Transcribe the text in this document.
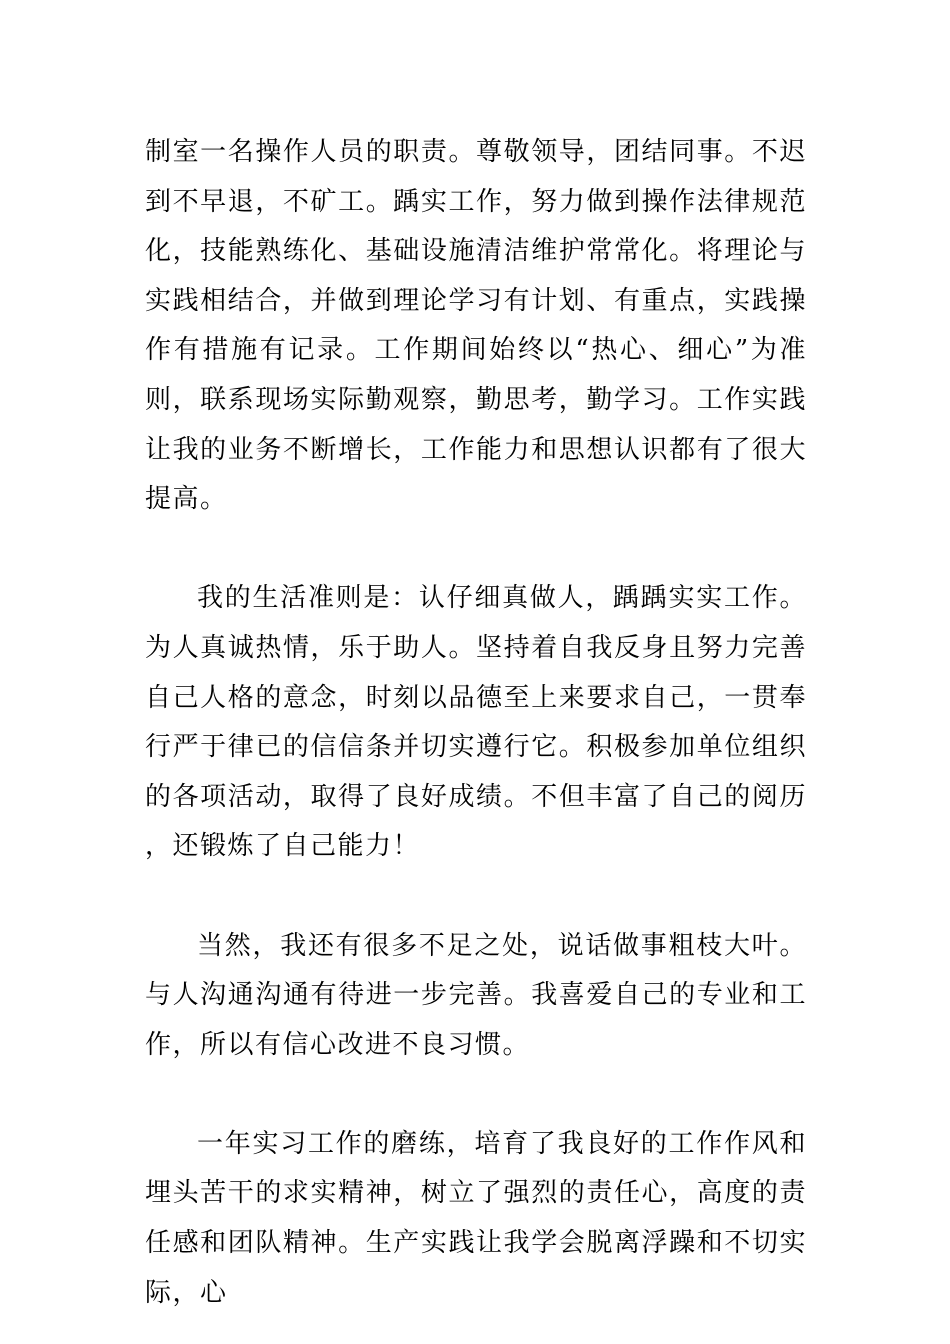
制室一名操作人员的职责。尊敬领导，团结同事。不迟到不早退，不矿工。踽实工作，努力做到操作法律规范化，技能熟练化、基础设施清洁维护常常化。将理论与实践相结合，并做到理论学习有计划、有重点，实践操作有措施有记录。工作期间始终以“热心、细心”为准则，联系现场实际勤观察，勤思考，勤学习。工作实践让我的业务不断增长，工作能力和思想认识都有了很大提高。

我的生活准则是：认仔细真做人，踽踽实实工作。为人真诚热情，乐于助人。坚持着自我反身且努力完善自己人格的意念，时刻以品德至上来要求自己，一贯奉行严于律已的信信条并切实遵行它。积极参加单位组织的各项活动，取得了良好成绩。不但丰富了自己的阅历，还锻炼了自己能力！

当然，我还有很多不足之处，说话做事粗枝大叶。与人沟通沟通有待进一步完善。我喜爱自己的专业和工作，所以有信心改进不良习惯。

一年实习工作的磨练，培育了我良好的工作作风和埋头苦干的求实精神，树立了强烈的责任心，高度的责任感和团队精神。生产实践让我学会脱离浮躁和不切实际，心
